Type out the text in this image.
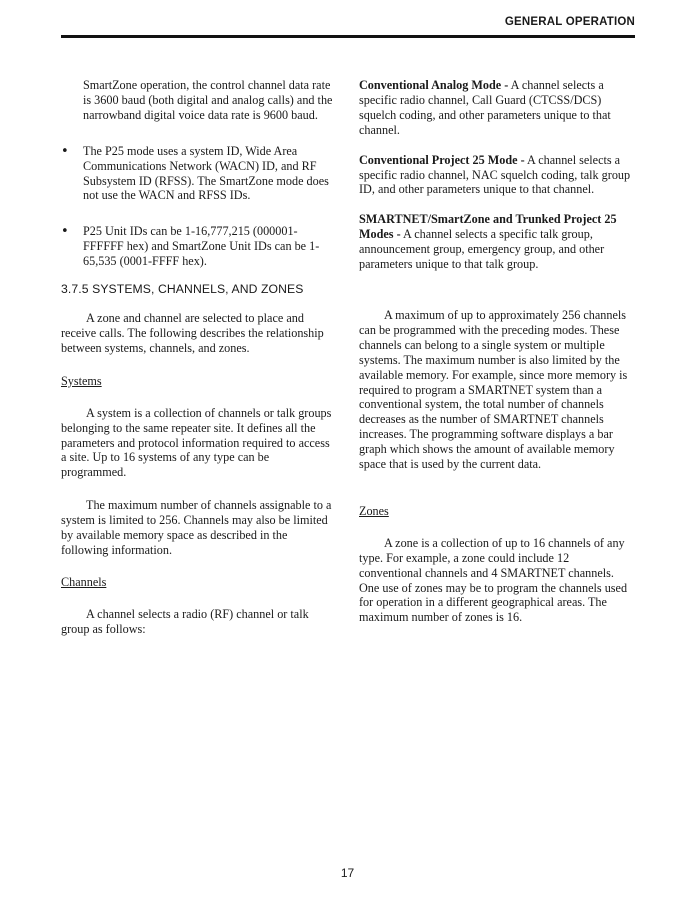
GENERAL OPERATION

SmartZone operation, the control channel data rate is 3600 baud (both digital and analog calls) and the narrowband digital voice data rate is 9600 baud.

• The P25 mode uses a system ID, Wide Area Communications Network (WACN) ID, and RF Subsystem ID (RFSS). The SmartZone mode does not use the WACN and RFSS IDs.

• P25 Unit IDs can be 1-16,777,215 (000001-FFFFFF hex) and SmartZone Unit IDs can be 1-65,535 (0001-FFFF hex).

3.7.5 SYSTEMS, CHANNELS, AND ZONES

A zone and channel are selected to place and receive calls. The following describes the relationship between systems, channels, and zones.

Systems

A system is a collection of channels or talk groups belonging to the same repeater site. It defines all the parameters and protocol information required to access a site. Up to 16 systems of any type can be programmed.

The maximum number of channels assignable to a system is limited to 256. Channels may also be limited by available memory space as described in the following information.

Channels

A channel selects a radio (RF) channel or talk group as follows:

Conventional Analog Mode - A channel selects a specific radio channel, Call Guard (CTCSS/DCS) squelch coding, and other parameters unique to that channel.

Conventional Project 25 Mode - A channel selects a specific radio channel, NAC squelch coding, talk group ID, and other parameters unique to that channel.

SMARTNET/SmartZone and Trunked Project 25 Modes - A channel selects a specific talk group, announcement group, emergency group, and other parameters unique to that talk group.

A maximum of up to approximately 256 channels can be programmed with the preceding modes. These channels can belong to a single system or multiple systems. The maximum number is also limited by the available memory. For example, since more memory is required to program a SMARTNET system than a conventional system, the total number of channels decreases as the number of SMARTNET channels increases. The programming software displays a bar graph which shows the amount of available memory space that is used by the current data.

Zones

A zone is a collection of up to 16 channels of any type. For example, a zone could include 12 conventional channels and 4 SMARTNET channels. One use of zones may be to program the channels used for operation in a different geographical areas. The maximum number of zones is 16.

17
